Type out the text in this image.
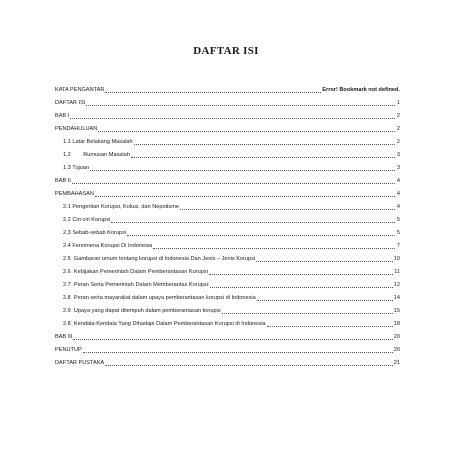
DAFTAR ISI
KATA PENGANTAR	Error! Bookmark not defined.
DAFTAR ISI	1
BAB I	2
PENDAHULUAN	2
1.1 Latar Belakang Masalah	2
1.2        Rumusan Masalah	3
1.3 Tujuan	3
BAB II	4
PEMBAHASAN	4
2.1 Pengertian Korupsi, Kolusi, dan Nepotisme	4
2.2 Ciri-ciri Korupsi	5
2.3 Sebab-sebab Korupsi	5
2.4 Fenomena Korupsi Di Indonesia	7
2.5  Gambaran umum tentang korupsi di Indonesia Dan Jenis – Jenis Korupsi	10
2.6  Kebijakan Pemerintah Dalam Pemberantasan Korupsi	11
2.7  Peran Serta Pemerintah Dalam Memberantas Korupsi:	12
2.8  Peran serta mayarakat dalam upaya pemberantasan korupsi di Indonesia	14
2.9  Upaya yang dapat ditempuh dalam pemberantasan korupsi	15
2.8  Kendala-Kendala Yang Dihadapi Dalam Pemberantasan Korupsi di Indonesia	18
BAB III	20
PENUTUP	20
DAFTAR PUSTAKA	21
